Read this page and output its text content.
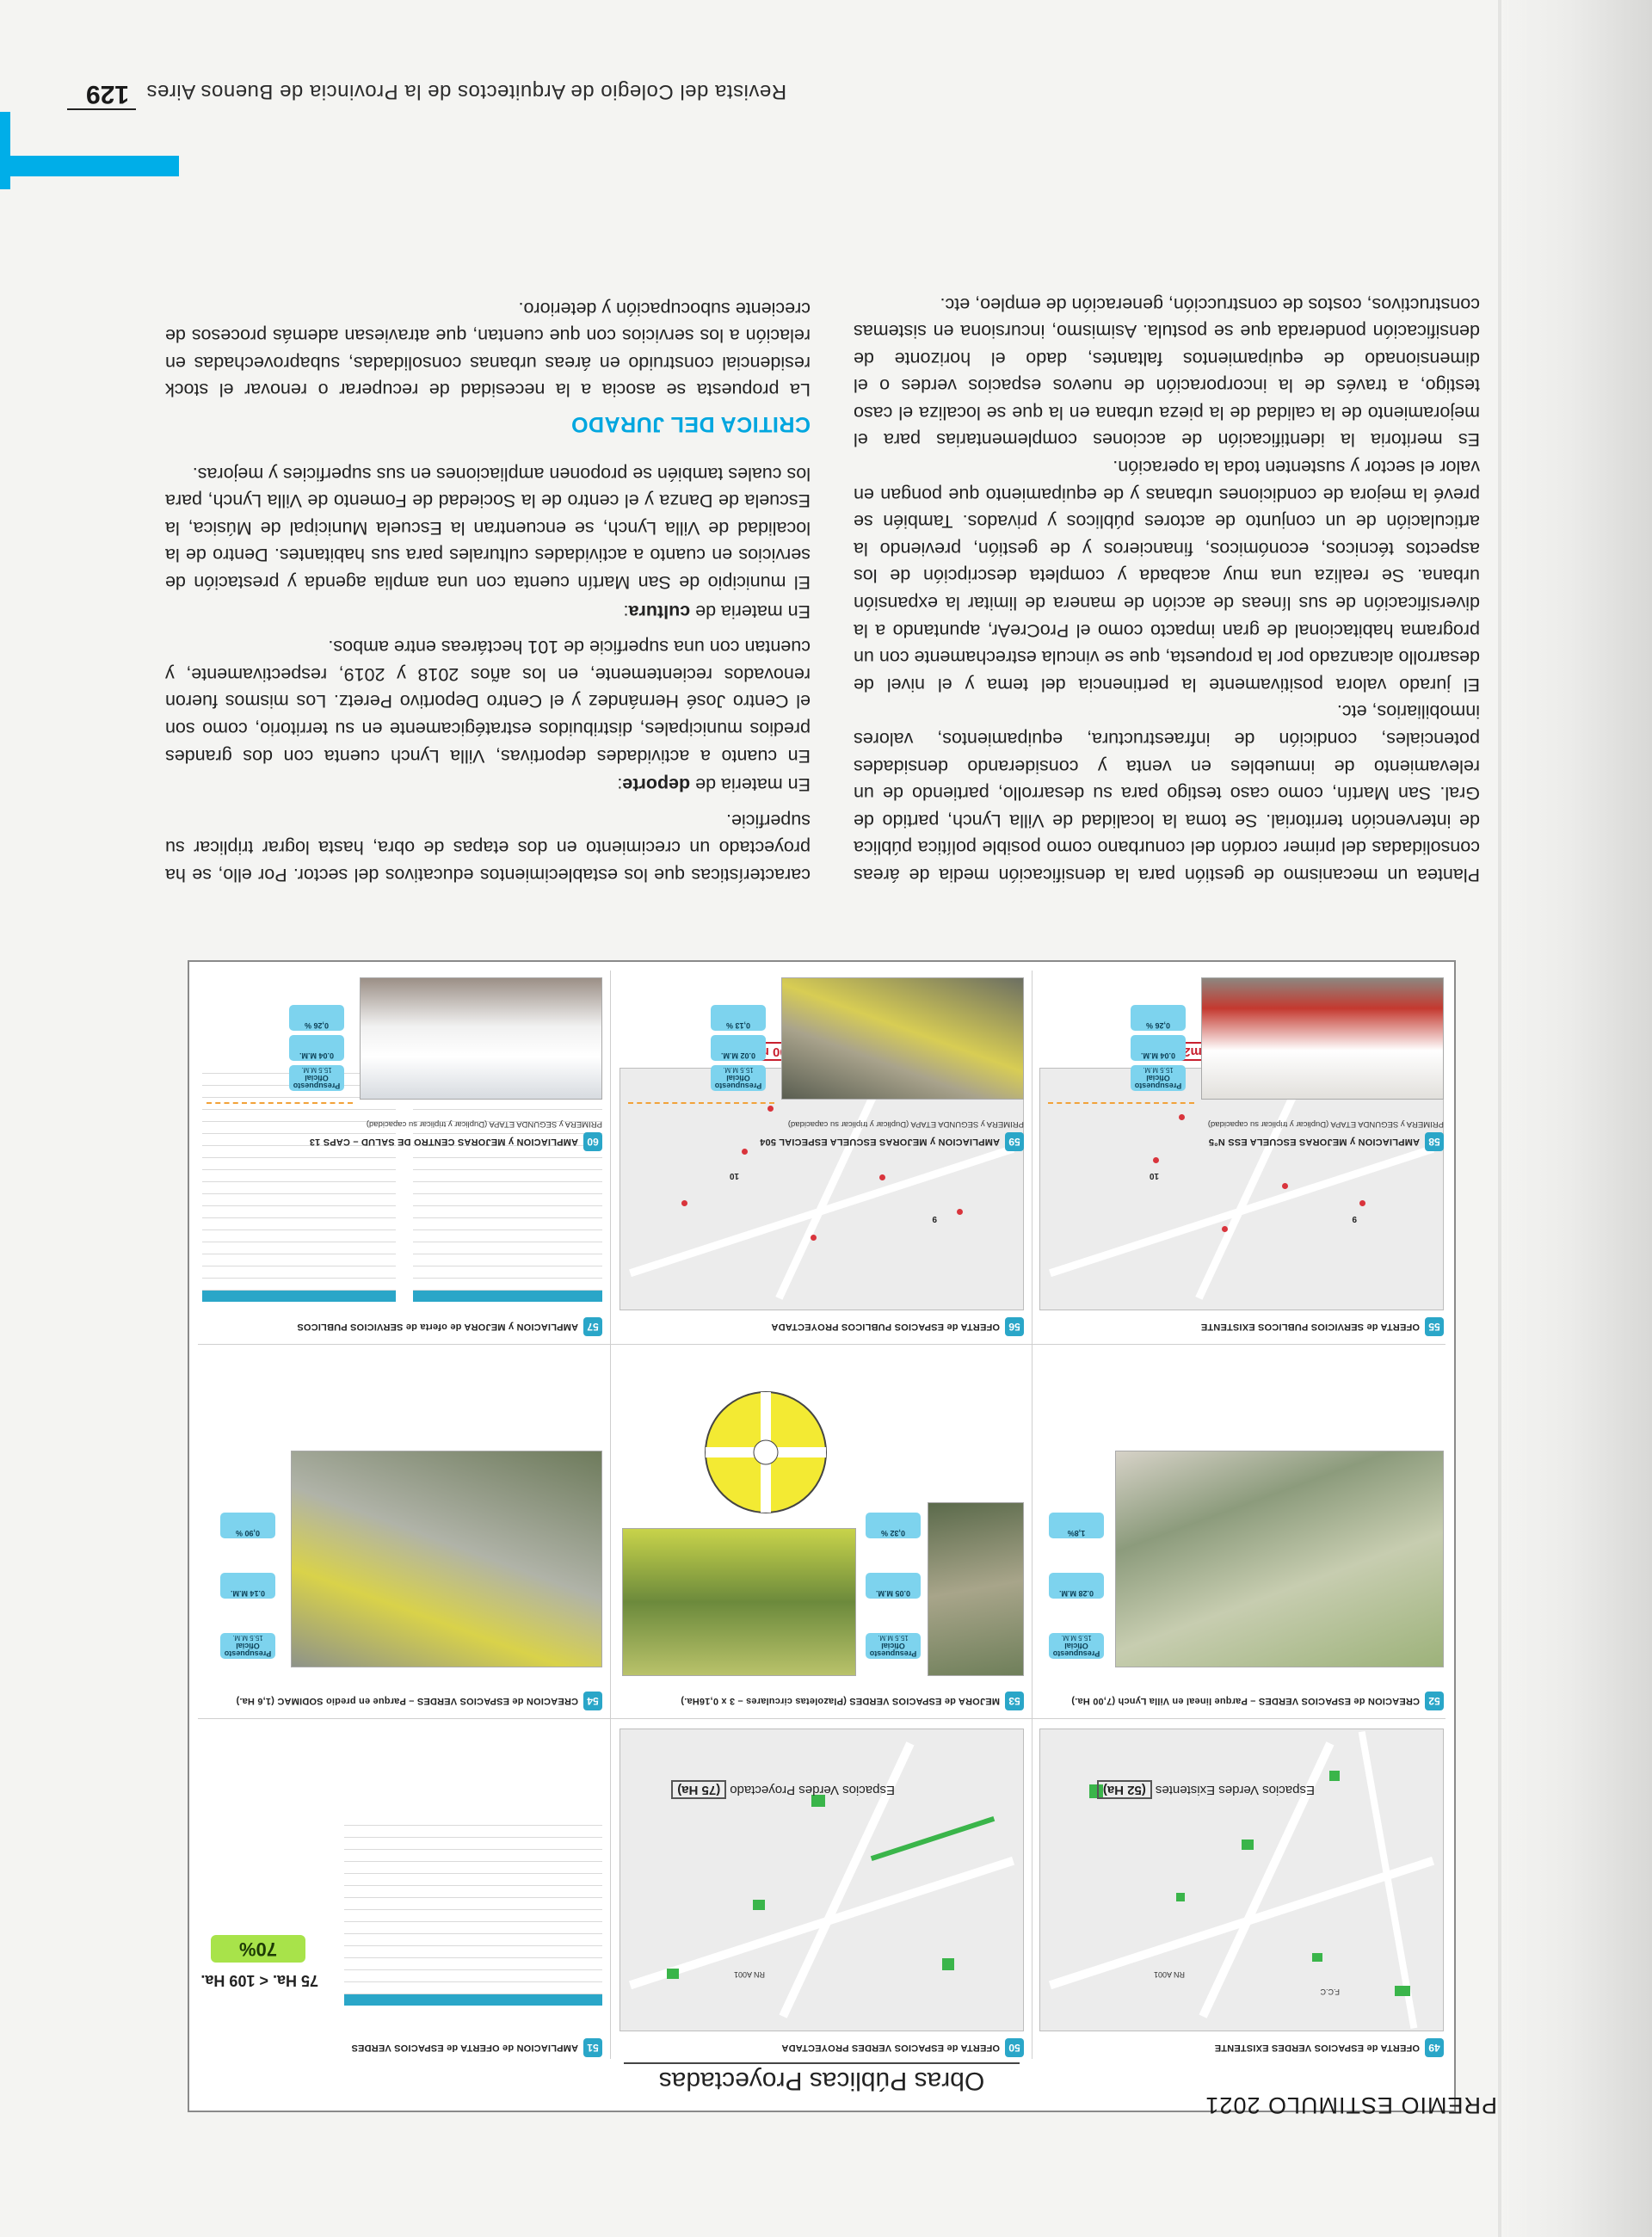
Revista del Colegio de Arquitectos de la Provincia de Buenos Aires
129
Obras Públicas Proyectadas
49
OFERTA de ESPACIOS VERDES EXISTENTE
RN A001
F.C.C
Espacios Verdes Existentes(52 Ha)
50
OFERTA de ESPACIOS VERDES PROYECTADA
RN A001
Espacios Verdes Proyectado(75 Ha)
51
AMPLIACION de OFERTA de ESPACIOS VERDES
75 Ha. < 109 Ha.
70%
52
CREACION de ESPACIOS VERDES – Parque lineal en Villa Lynch (7,00 Ha.)
Presupuesto Oficial
15.5 M.M.
0.28 M.M.
1,8%
53
MEJORA de ESPACIOS VERDES (Plazoletas circulares – 3 x 0,16Ha.)
Presupuesto Oficial
15.5 M.M.
0.05 M.M.
0,32 %
54
CREACION de ESPACIOS VERDES – Parque en predio SODIMAC (1,6 Ha.)
Presupuesto Oficial
15.5 M.M.
0.14 M.M.
0,90 %
55
OFERTA de SERVICIOS PUBLICOS EXISTENTE
9
10
m2)
56
OFERTA de ESPACIOS PUBLICOS PROYECTADA
9
10
57
AMPLIACION y MEJORA de oferta de SERVICIOS PUBLICOS
58
AMPLIACION y MEJORAS ESCUELA ESS N°5
PRIMERA y SEGUNDA ETAPA (Duplicar y triplicar su capacidad)
Presupuesto Oficial
15.5 M.M.
0.04 M.M.
0,26 %
59
AMPLIACION y MEJORAS ESCUELA ESPECIAL 504
PRIMERA y SEGUNDA ETAPA (Duplicar y triplicar su capacidad)
Presupuesto Oficial
15.5 M.M.
0.02 M.M.
0,13 %
60
AMPLIACION y MEJORAS CENTRO DE SALUD – CAPS 13
PRIMERA y SEGUNDA ETAPA (Duplicar y triplicar su capacidad)
Presupuesto Oficial
15.5 M.M.
0.04 M.M.
0,26 %

características que los establecimientos educativos del sector. Por ello, se ha proyectado un crecimiento en dos etapas de obra, hasta lograr triplicar su superficie.

En materia de deporte:

En cuanto a actividades deportivas, Villa Lynch cuenta con dos grandes predios municipales, distribuidos estratégicamente en su territorio, como son el Centro José Hernández y el Centro Deportivo Peretz. Los mismos fueron renovados recientemente, en los años 2018 y 2019, respectivamente, y cuentan con una superficie de 101 hectáreas entre ambos.

En materia de cultura:

El municipio de San Martín cuenta con una amplia agenda y prestación de servicios en cuanto a actividades culturales para sus habitantes. Dentro de la localidad de Villa Lynch, se encuentran la Escuela Municipal de Música, la Escuela de Danza y el centro de la Sociedad de Fomento de Villa Lynch, para los cuales también se proponen ampliaciones en sus superficies y mejoras.

CRITICA DEL JURADO

La propuesta se asocia a la necesidad de recuperar o renovar el stock residencial construido en áreas urbanas consolidadas, subaprovechadas en relación a los servicios con que cuentan, que atraviesan además procesos de creciente subocupación y deterioro.

Plantea un mecanismo de gestión para la densificación media de áreas consolidadas del primer cordón del conurbano como posible política pública de intervención territorial. Se toma la localidad de Villa Lynch, partido de Gral. San Martín, como caso testigo para su desarrollo, partiendo de un relevamiento de inmuebles en venta y considerando densidades potenciales, condición de infraestructura, equipamientos, valores inmobiliarios, etc.

El jurado valora positivamente la pertinencia del tema y el nivel de desarrollo alcanzado por la propuesta, que se vincula estrechamente con un programa habitacional de gran impacto como el ProCreAr, apuntando a la diversificación de sus líneas de acción de manera de limitar la expansión urbana. Se realiza una muy acabada y completa descripción de los aspectos técnicos, económicos, financieros y de gestión, previendo la articulación de un conjunto de actores públicos y privados. También se prevé la mejora de condiciones urbanas y de equipamiento que pongan en valor el sector y sustenten toda la operación.

Es meritoria la identificación de acciones complementarias para el mejoramiento de la calidad de la pieza urbana en la que se localiza el caso testigo, a través de la incorporación de nuevos espacios verdes o el dimensionado de equipamientos faltantes, dado el horizonte de densificación ponderada que se postula. Asimismo, incursiona en sistemas constructivos, costos de construcción, generación de empleo, etc.

PREMIO ESTIMULO 2021
